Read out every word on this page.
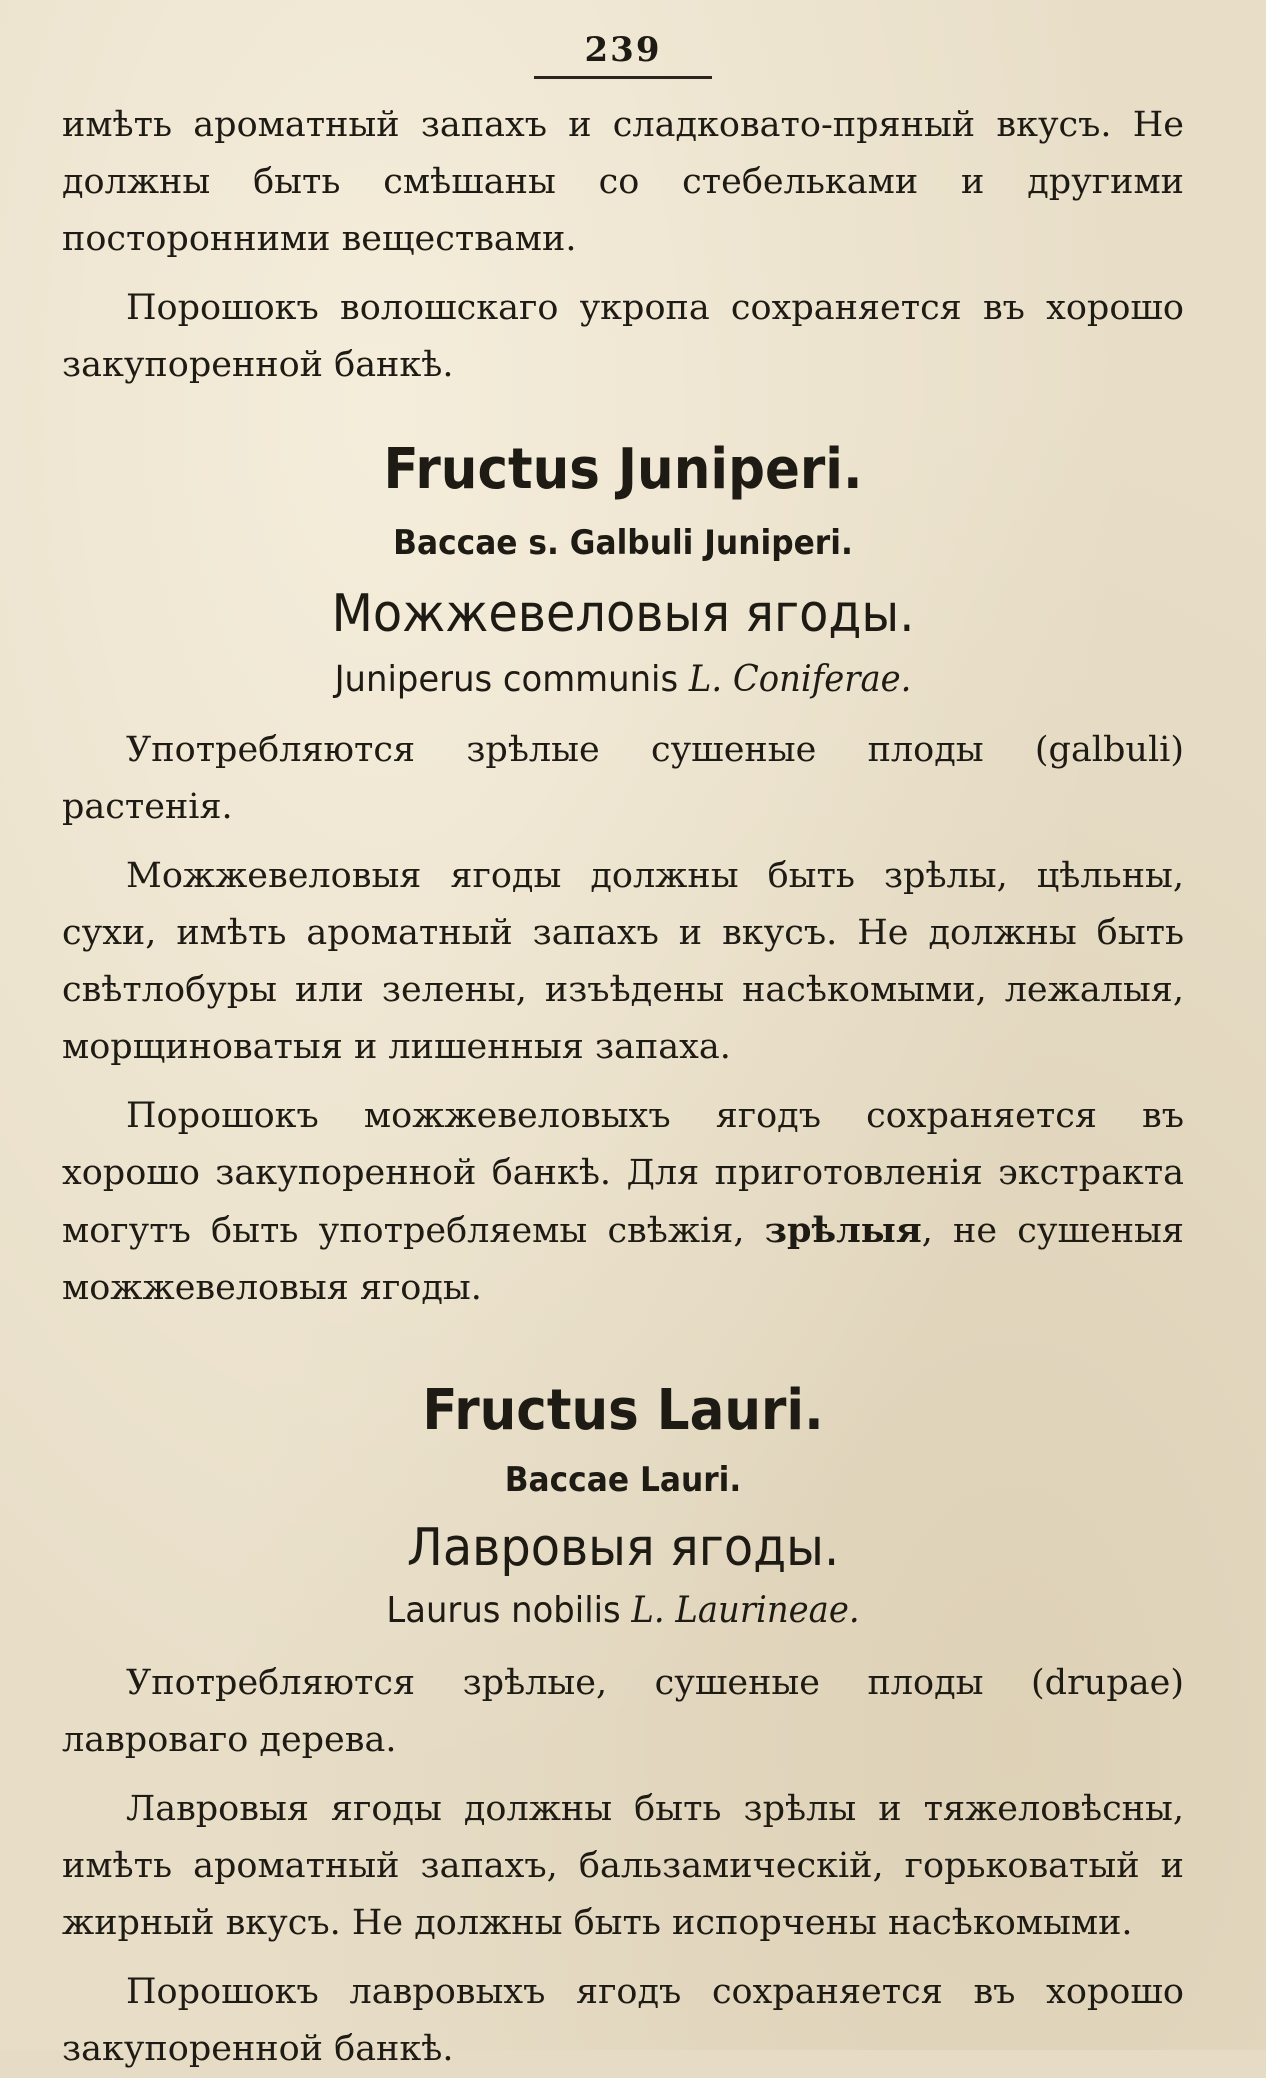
239

имѣть ароматный запахъ и сладковато-пряный вкусъ. Не должны быть смѣшаны со стебельками и другими посторонними веществами.

Порошокъ волошскаго укропа сохраняется въ хорошо закупоренной банкѣ.

Fructus Juniperi.
Baccae s. Galbuli Juniperi.
Можжевеловыя ягоды.
Juniperus communis L. Coniferae.

Употребляются зрѣлые сушеные плоды (galbuli) растенія.

Можжевеловыя ягоды должны быть зрѣлы, цѣльны, сухи, имѣть ароматный запахъ и вкусъ. Не должны быть свѣтлобуры или зелены, изъѣдены насѣкомыми, лежалыя, морщиноватыя и лишенныя запаха.

Порошокъ можжевеловыхъ ягодъ сохраняется въ хорошо закупоренной банкѣ. Для приготовленія экстракта могутъ быть употребляемы свѣжія, зрѣлыя, не сушеныя можжевеловыя ягоды.

Fructus Lauri.
Baccae Lauri.
Лавровыя ягоды.
Laurus nobilis L. Laurineae.

Употребляются зрѣлые, сушеные плоды (drupae) лавроваго дерева.

Лавровыя ягоды должны быть зрѣлы и тяжеловѣсны, имѣть ароматный запахъ, бальзамическій, горьковатый и жирный вкусъ. Не должны быть испорчены насѣкомыми.

Порошокъ лавровыхъ ягодъ сохраняется въ хорошо закупоренной банкѣ.
